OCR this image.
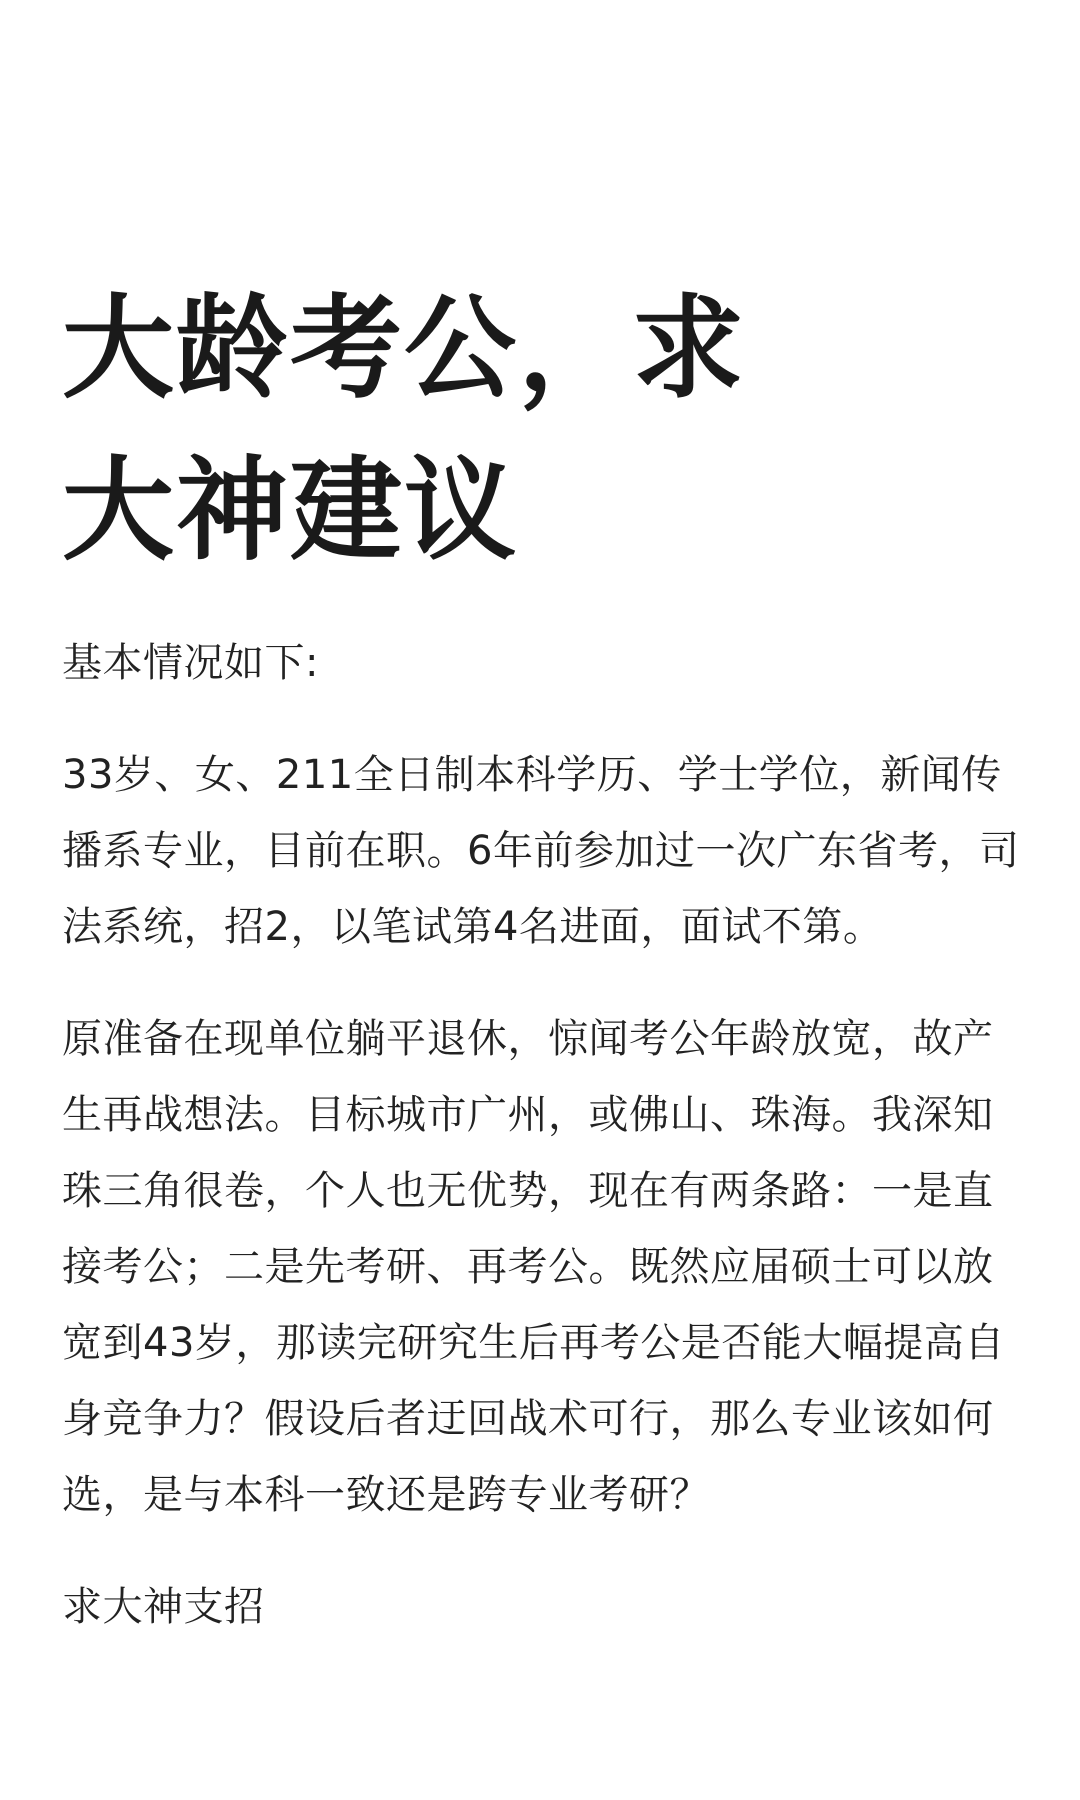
大龄考公，求
大神建议

基本情况如下:

33岁、女、211全日制本科学历、学士学位，新闻传播系专业，目前在职。6年前参加过一次广东省考，司法系统，招2，以笔试第4名进面，面试不第。

原准备在现单位躺平退休，惊闻考公年龄放宽，故产生再战想法。目标城市广州，或佛山、珠海。我深知珠三角很卷，个人也无优势，现在有两条路：一是直接考公；二是先考研、再考公。既然应届硕士可以放宽到43岁，那读完研究生后再考公是否能大幅提高自身竞争力？假设后者迂回战术可行，那么专业该如何选，是与本科一致还是跨专业考研？

求大神支招
